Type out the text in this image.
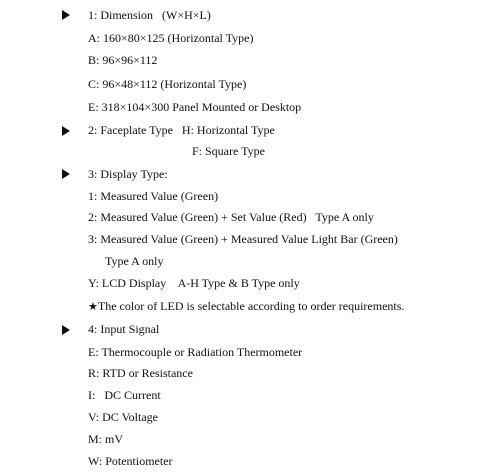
1: Dimension   (W×H×L)
A: 160×80×125 (Horizontal Type)
B: 96×96×112
C: 96×48×112 (Horizontal Type)
E: 318×104×300 Panel Mounted or Desktop
2: Faceplate Type   H: Horizontal Type
F: Square Type
3: Display Type:
1: Measured Value (Green)
2: Measured Value (Green) + Set Value (Red)   Type A only
3: Measured Value (Green) + Measured Value Light Bar (Green)
Type A only
Y: LCD Display    A-H Type & B Type only
★The color of LED is selectable according to order requirements.
4: Input Signal
E: Thermocouple or Radiation Thermometer
R: RTD or Resistance
I:   DC Current
V: DC Voltage
M: mV
W: Potentiometer
